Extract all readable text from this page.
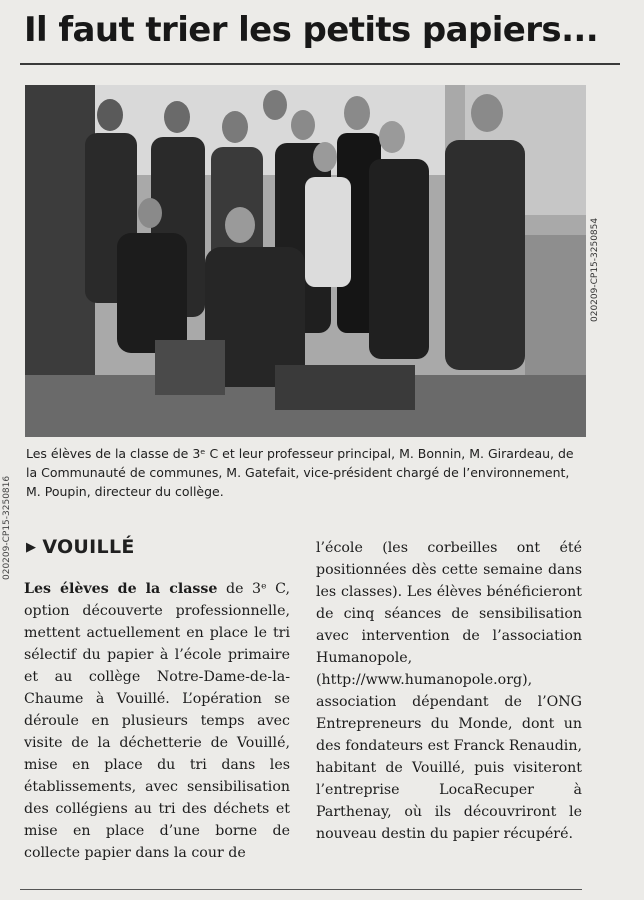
Il faut trier les petits papiers...
020209-CP15-3250854
020209-CP15-3250816
Les élèves de la classe de 3ᵉ C et leur professeur principal, M. Bonnin, M. Girardeau, de la Communauté de communes, M. Gatefait, vice-président chargé de l’environnement, M. Poupin, directeur du collège.
▶ VOUILLÉ
Les élèves de la classe de 3ᵉ C, option découverte professionnelle, mettent actuellement en place le tri sélectif du papier à l’école primaire et au collège Notre-Dame-de-la-Chaume à Vouillé. L’opération se déroule en plusieurs temps avec visite de la déchetterie de Vouillé, mise en place du tri dans les établissements, avec sensibilisation des collégiens au tri des déchets et mise en place d’une borne de collecte papier dans la cour de
l’école (les corbeilles ont été positionnées dès cette semaine dans les classes). Les élèves bénéficieront de cinq séances de sensibilisation avec intervention de l’association Humanopole, (http://www.humanopole.org), association dépendant de l’ONG Entrepreneurs du Monde, dont un des fondateurs est Franck Renaudin, habitant de Vouillé, puis visiteront l’entreprise LocaRecuper à Parthenay, où ils découvriront le nouveau destin du papier récupéré.
